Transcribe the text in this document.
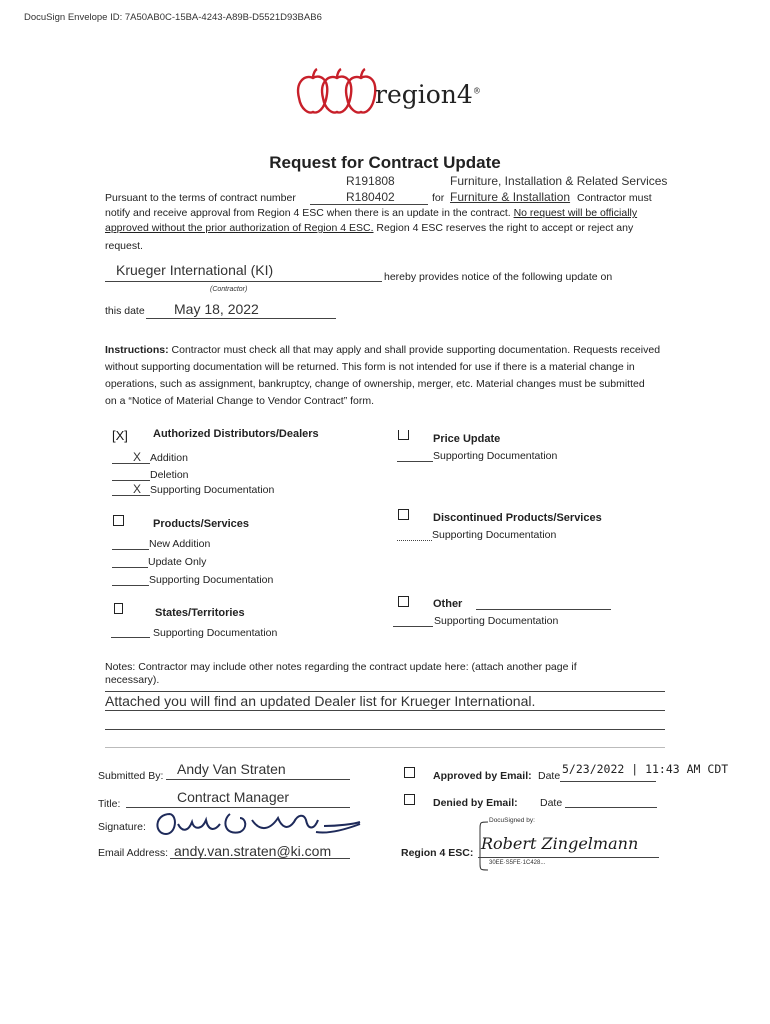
DocuSign Envelope ID: 7A50AB0C-15BA-4243-A89B-D5521D93BAB6
region4®
Request for Contract Update
R191808	Furniture, Installation & Related Services
Pursuant to the terms of contract number	R180402	for Furniture & Installation Contractor must
notify and receive approval from Region 4 ESC when there is an update in the contract. No request will be officially
approved without the prior authorization of Region 4 ESC. Region 4 ESC reserves the right to accept or reject any
request.
Krueger International (KI)
(Contractor)
hereby provides notice of the following update on
this date May 18, 2022
Instructions: Contractor must check all that may apply and shall provide supporting documentation. Requests received
without supporting documentation will be returned. This form is not intended for use if there is a material change in
operations, such as assignment, bankruptcy, change of ownership, merger, etc. Material changes must be submitted
on a “Notice of Material Change to Vendor Contract” form.
[X] Authorized Distributors/Dealers
X Addition
Deletion
X Supporting Documentation
Price Update
Supporting Documentation
Products/Services
New Addition
Update Only
Supporting Documentation
Discontinued Products/Services
Supporting Documentation
States/Territories
Supporting Documentation
Other
Supporting Documentation
Notes: Contractor may include other notes regarding the contract update here: (attach another page if
necessary).
Attached you will find an updated Dealer list for Krueger International.
Submitted By: Andy Van Straten
Title:	Contract Manager
Signature:
Email Address: andy.van.straten@ki.com
Approved by Email: Date 5/23/2022 | 11:43 AM CDT
Denied by Email: Date
DocuSigned by:
Region 4 ESC: Robert Zingelmann
30EE·S5FE·1C428...
